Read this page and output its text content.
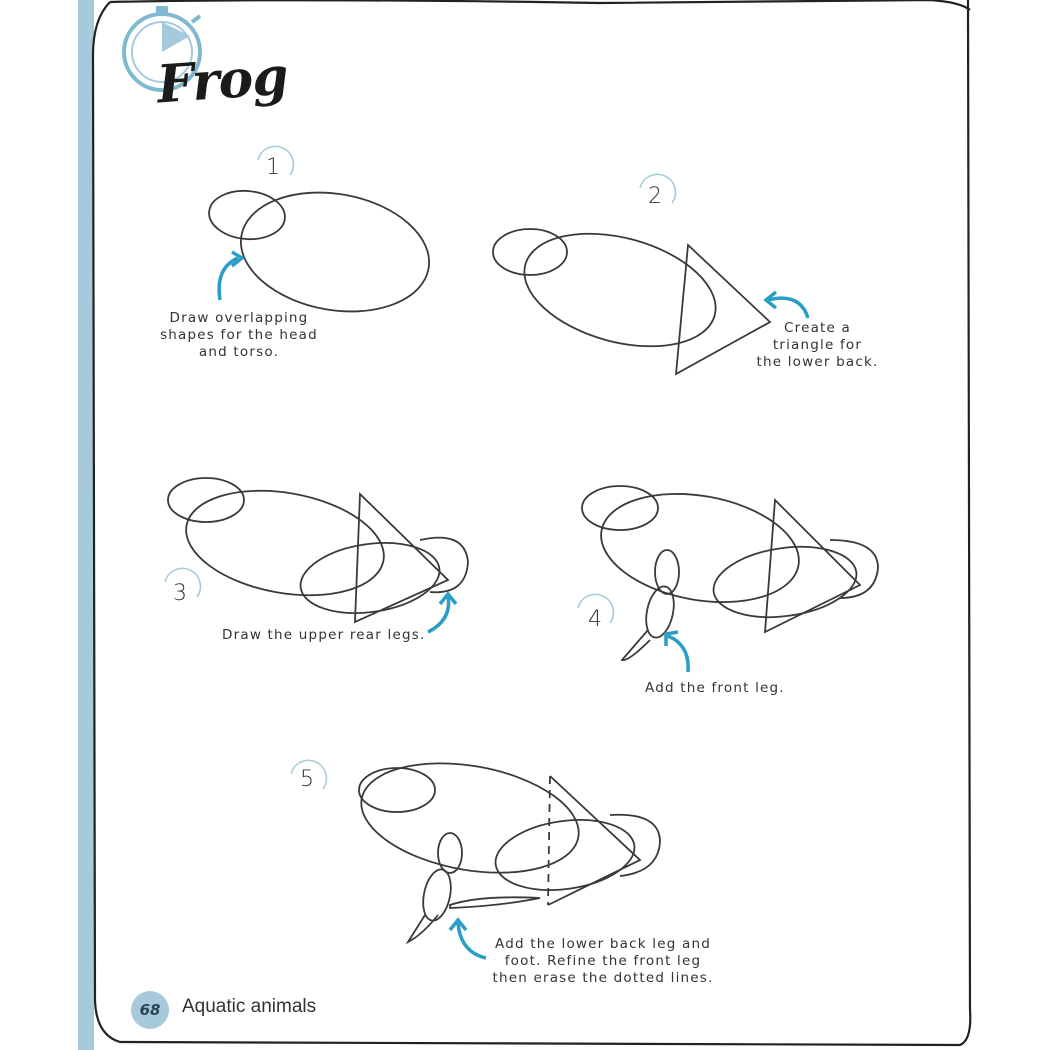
Frog
1
2
3
4
5
Draw overlapping
shapes for the head
and torso.
Create a
triangle for
the lower back.
Draw the upper rear legs.
Add the front leg.
Add the lower back leg and
foot. Refine the front leg
then erase the dotted lines.
68	Aquatic animals
